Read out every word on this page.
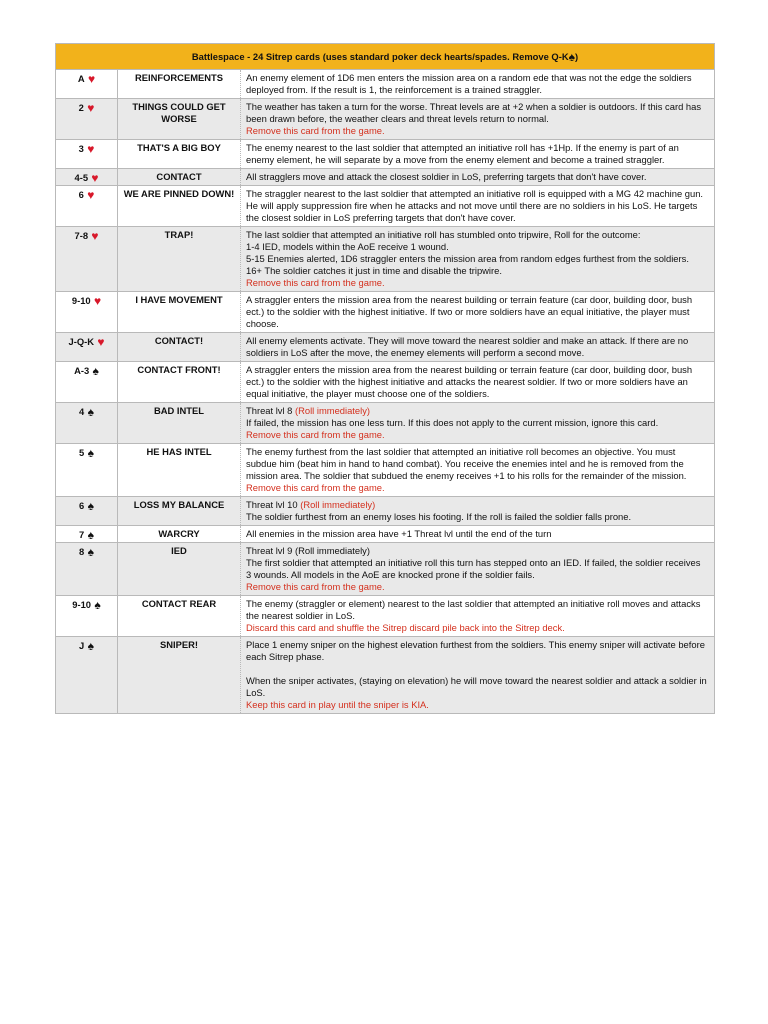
Battlespace - 24 Sitrep cards (uses standard poker deck hearts/spades. Remove Q-K♠)		
A ♥	REINFORCEMENTS	An enemy element of 1D6 men enters the mission area on a random ede that was not the edge the soldiers deployed from. If the result is 1, the reinforcement is a trained straggler.

2 ♥	THINGS COULD GET WORSE	The weather has taken a turn for the worse. Threat levels are at +2 when a soldier is outdoors. If this card has been drawn before, the weather clears and threat levels return to normal.
Remove this card from the game.

3 ♥	THAT'S A BIG BOY	The enemy nearest to the last soldier that attempted an initiative roll has +1Hp. If the enemy is part of an enemy element, he will separate by a move from the enemy element and become a trained straggler.

4-5 ♥	CONTACT	All stragglers move and attack the closest soldier in LoS, preferring targets that don't have cover.

6 ♥	WE ARE PINNED DOWN!	The straggler nearest to the last soldier that attempted an initiative roll is equipped with a MG 42 machine gun. He will apply suppression fire when he attacks and not move until there are no soldiers in his LoS. He targets the closest soldier in LoS preferring targets that don't have cover.

7-8 ♥	TRAP!	The last soldier that attempted an initiative roll has stumbled onto tripwire, Roll for the outcome:
1-4 IED, models within the AoE receive 1 wound.
5-15 Enemies alerted, 1D6 straggler enters the mission area from random edges furthest from the soldiers.
16+ The soldier catches it just in time and disable the tripwire.
Remove this card from the game.

9-10 ♥	I HAVE MOVEMENT	A straggler enters the mission area from the nearest building or terrain feature (car door, building door, bush ect.) to the soldier with the highest initiative. If two or more soldiers have an equal initiative, the player must choose.

J-Q-K ♥	CONTACT!	All enemy elements activate. They will move toward the nearest soldier and make an attack. If there are no soldiers in LoS after the move, the enemey elements will perform a second move.

A-3 ♠	CONTACT FRONT!	A straggler enters the mission area from the nearest building or terrain feature (car door, building door, bush ect.) to the soldier with the highest initiative and attacks the nearest soldier. If two or more soldiers have an equal initiative, the player must choose one of the soldiers.

4 ♠	BAD INTEL	Threat lvl 8 (Roll immediately)
If failed, the mission has one less turn. If this does not apply to the current mission, ignore this card.
Remove this card from the game.

5 ♠	HE HAS INTEL	The enemy furthest from the last soldier that attempted an initiative roll becomes an objective. You must subdue him (beat him in hand to hand combat). You receive the enemies intel and he is removed from the mission area. The soldier that subdued the enemy receives +1 to his rolls for the remainder of the mission.
Remove this card from the game.

6 ♠	LOSS MY BALANCE	Threat lvl 10 (Roll immediately)
The soldier furthest from an enemy loses his footing. If the roll is failed the soldier falls prone.

7 ♠	WARCRY	All enemies in the mission area have +1 Threat lvl until the end of the turn

8 ♠	IED	Threat lvl 9 (Roll immediately)
The first soldier that attempted an initiative roll this turn has stepped onto an IED. If failed, the soldier receives 3 wounds. All models in the AoE are knocked prone if the soldier fails.
Remove this card from the game.

9-10 ♠	CONTACT REAR	The enemy (straggler or element) nearest to the last soldier that attempted an initiative roll moves and attacks the nearest soldier in LoS.
Discard this card and shuffle the Sitrep discard pile back into the Sitrep deck.

J ♠	SNIPER!	Place 1 enemy sniper on the highest elevation furthest from the soldiers. This enemy sniper will activate before each Sitrep phase.
When the sniper activates, (staying on elevation) he will move toward the nearest soldier and attack a soldier in LoS.
Keep this card in play until the sniper is KIA.
